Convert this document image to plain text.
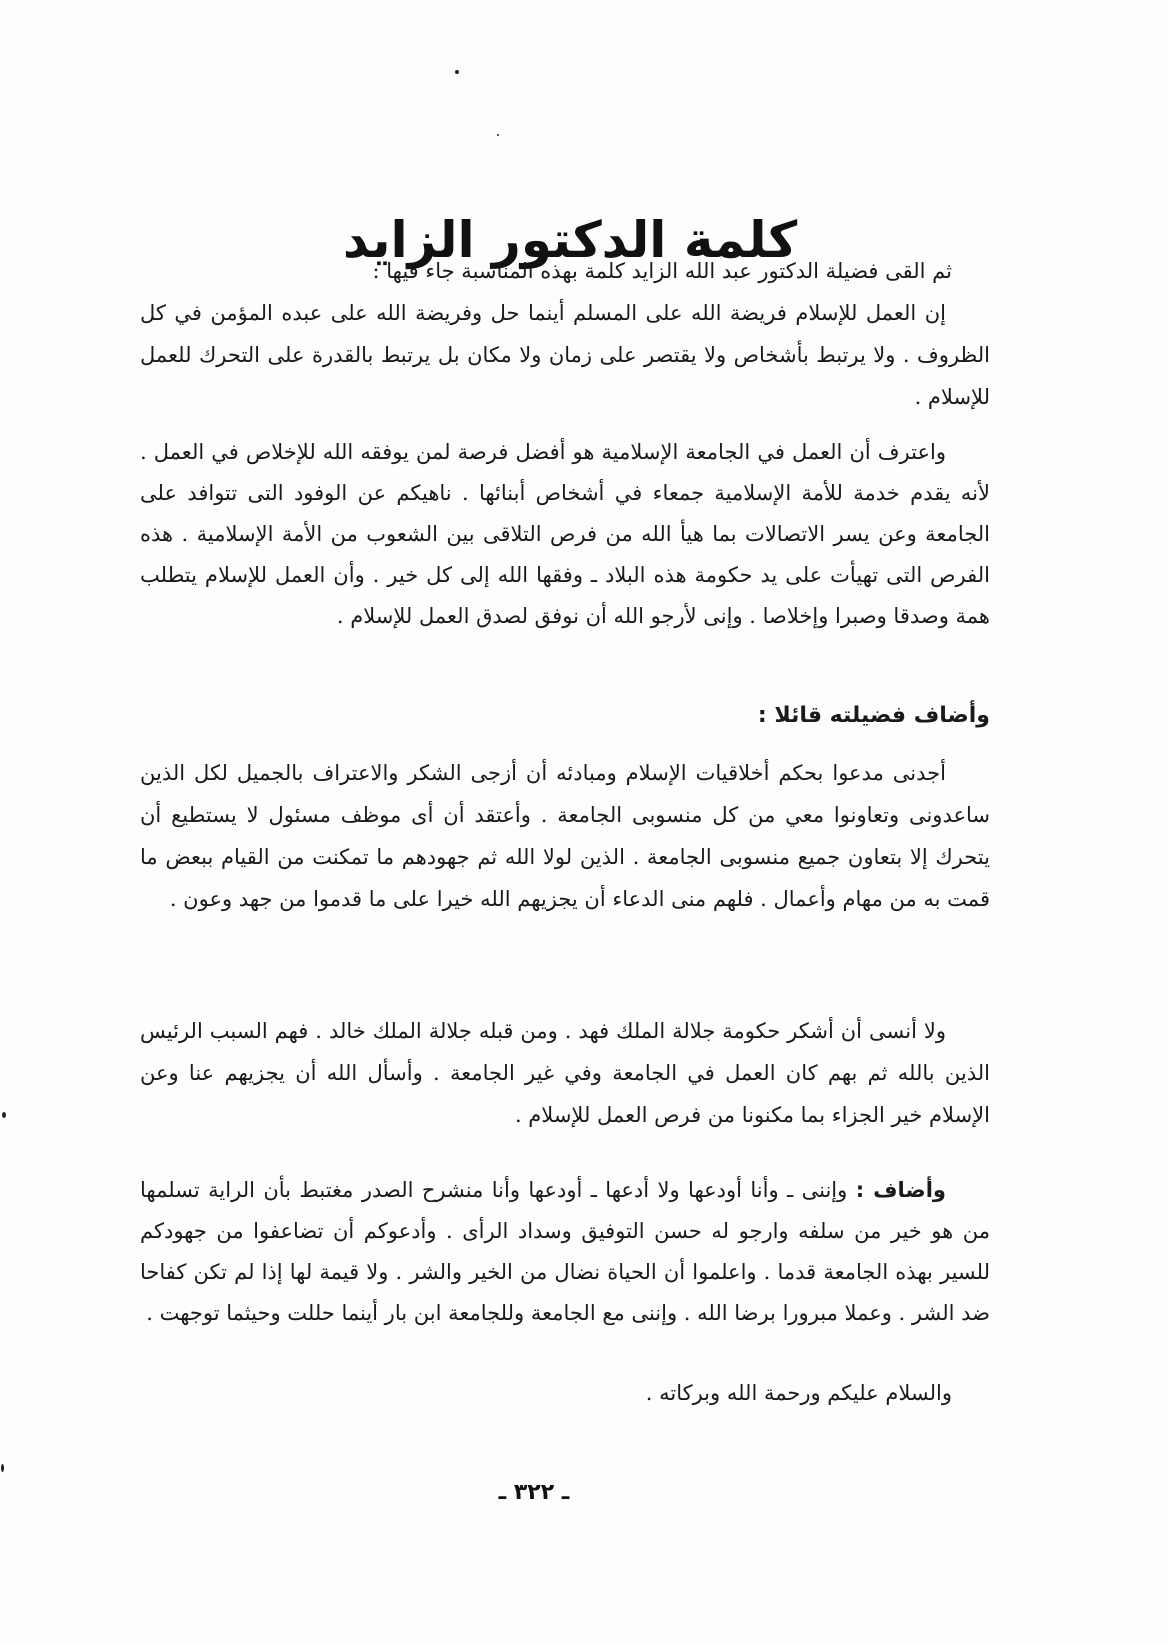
كلمة الدكتور الزايد

ثم القى فضيلة الدكتور عبد الله الزايد كلمة بهذه المناسبة جاء فيها :

إن العمل للإسلام فريضة الله على المسلم أينما حل وفريضة الله على عبده المؤمن في كل الظروف . ولا يرتبط بأشخاص ولا يقتصر على زمان ولا مكان بل يرتبط بالقدرة على التحرك للعمل للإسلام .

واعترف أن العمل في الجامعة الإسلامية هو أفضل فرصة لمن يوفقه الله للإخلاص في العمل . لأنه يقدم خدمة للأمة الإسلامية جمعاء في أشخاص أبنائها . ناهيكم عن الوفود التى تتوافد على الجامعة وعن يسر الاتصالات بما هيأ الله من فرص التلاقى بين الشعوب من الأمة الإسلامية . هذه الفرص التى تهيأت على يد حكومة هذه البلاد ـ وفقها الله إلى كل خير . وأن العمل للإسلام يتطلب همة وصدقا وصبرا وإخلاصا . وإنى لأرجو الله أن نوفق لصدق العمل للإسلام .

وأضاف فضيلته قائلا :

أجدنى مدعوا بحكم أخلاقيات الإسلام ومبادئه أن أزجى الشكر والاعتراف بالجميل لكل الذين ساعدونى وتعاونوا معي من كل منسوبى الجامعة . وأعتقد أن أى موظف مسئول لا يستطيع أن يتحرك إلا بتعاون جميع منسوبى الجامعة . الذين لولا الله ثم جهودهم ما تمكنت من القيام ببعض ما قمت به من مهام وأعمال . فلهم منى الدعاء أن يجزيهم الله خيرا على ما قدموا من جهد وعون .

ولا أنسى أن أشكر حكومة جلالة الملك فهد . ومن قبله جلالة الملك خالد . فهم السبب الرئيس الذين بالله ثم بهم كان العمل في الجامعة وفي غير الجامعة . وأسأل الله أن يجزيهم عنا وعن الإسلام خير الجزاء بما مكنونا من فرص العمل للإسلام .

وأضاف : وإننى ـ وأنا أودعها ولا أدعها ـ أودعها وأنا منشرح الصدر مغتبط بأن الراية تسلمها من هو خير من سلفه وارجو له حسن التوفيق وسداد الرأى . وأدعوكم أن تضاعفوا من جهودكم للسير بهذه الجامعة قدما . واعلموا أن الحياة نضال من الخير والشر . ولا قيمة لها إذا لم تكن كفاحا ضد الشر . وعملا مبرورا برضا الله . وإننى مع الجامعة وللجامعة ابن بار أينما حللت وحيثما توجهت .

والسلام عليكم ورحمة الله وبركاته .

ـ ٣٢٢ ـ
